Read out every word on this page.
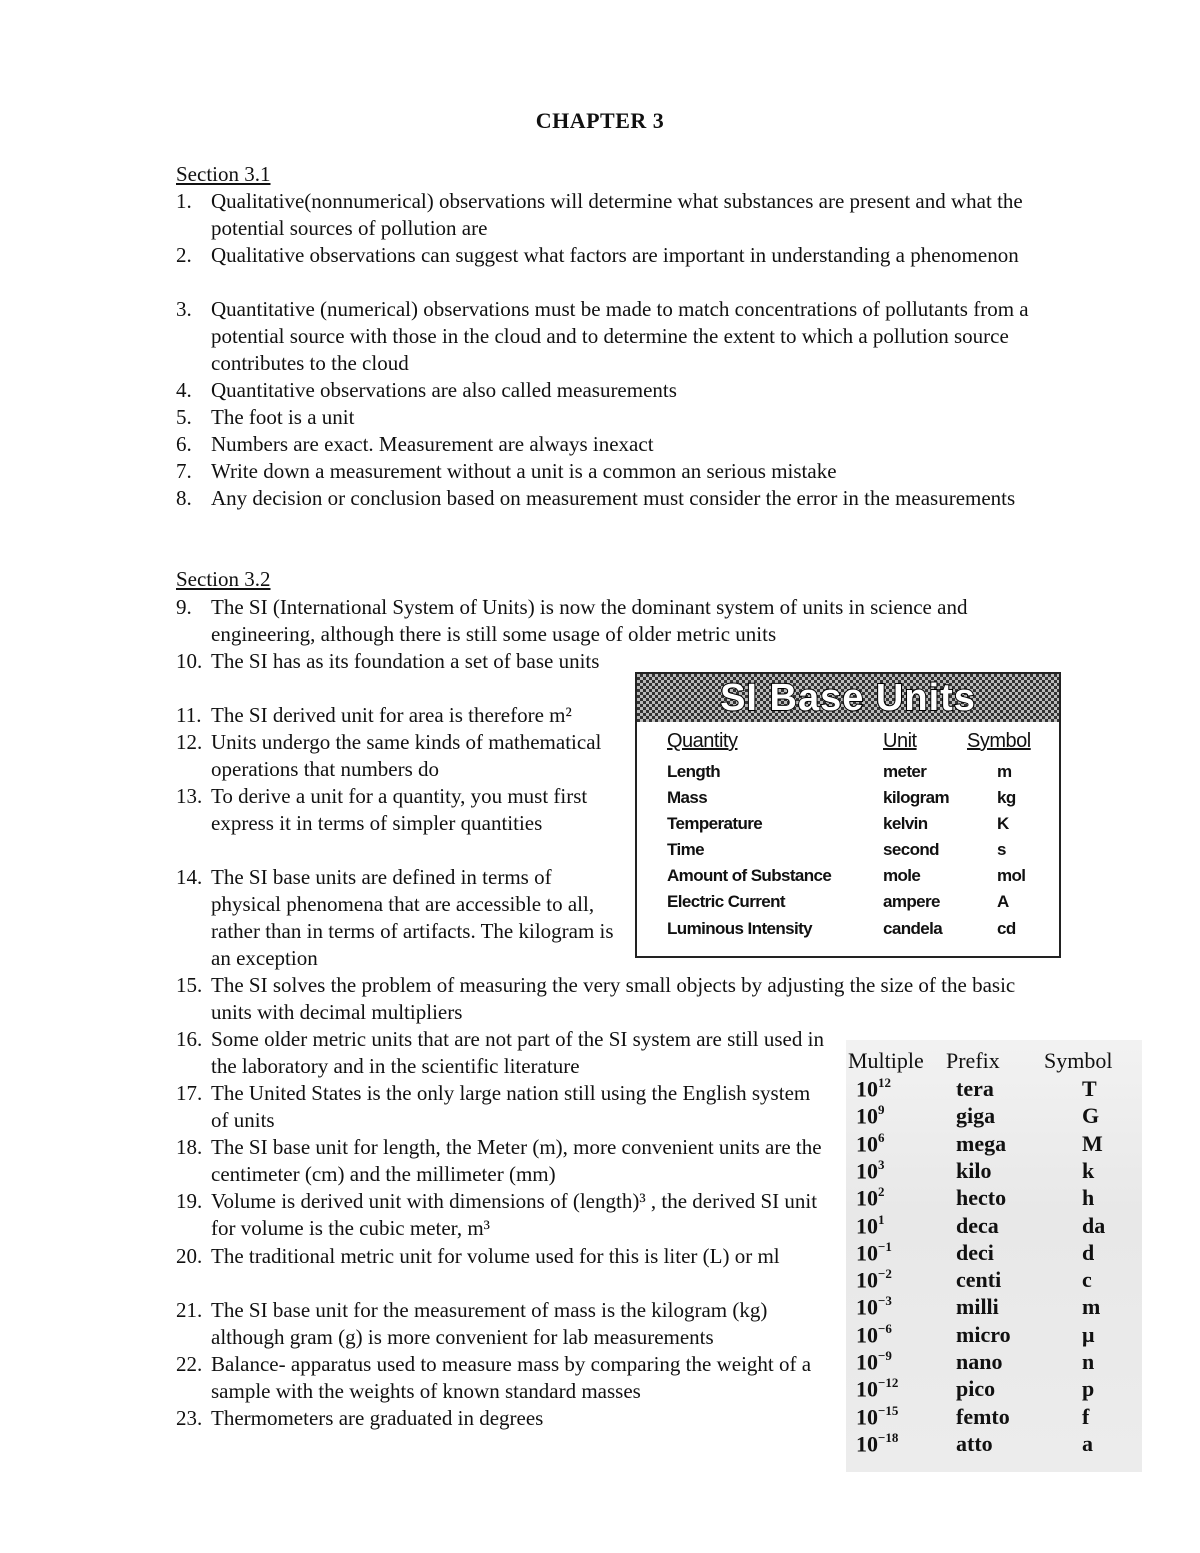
CHAPTER 3
Section 3.1
1. Qualitative(nonnumerical) observations will determine what substances are present and what the potential sources of pollution are
2. Qualitative observations can suggest what factors are important in understanding a phenomenon
3. Quantitative (numerical) observations must be made to match concentrations of pollutants from a potential source with those in the cloud and to determine the extent to which a pollution source contributes to the cloud
4. Quantitative observations are also called measurements
5. The foot is a unit
6. Numbers are exact. Measurement are always inexact
7. Write down a measurement without a unit is a common an serious mistake
8. Any decision or conclusion based on measurement must consider the error in the measurements
Section 3.2
9. The SI (International System of Units) is now the dominant system of units in science and engineering, although there is still some usage of older metric units
10. The SI has as its foundation a set of base units
11. The SI derived unit for area is therefore m²
12. Units undergo the same kinds of mathematical operations that numbers do
13. To derive a unit for a quantity, you must first express it in terms of simpler quantities
14. The SI base units are defined in terms of physical phenomena that are accessible to all, rather than in terms of artifacts. The kilogram is an exception
15. The SI solves the problem of measuring the very small objects by adjusting the size of the basic units with decimal multipliers
16. Some older metric units that are not part of the SI system are still used in the laboratory and in the scientific literature
17. The United States is the only large nation still using the English system of units
18. The SI base unit for length, the Meter (m), more convenient units are the centimeter (cm) and the millimeter (mm)
19. Volume is derived unit with dimensions of (length)³ , the derived SI unit for volume is the cubic meter, m³
20. The traditional metric unit for volume used for this is liter (L) or ml
21. The SI base unit for the measurement of mass is the kilogram (kg) although gram (g) is more convenient for lab measurements
22. Balance- apparatus used to measure mass by comparing the weight of a sample with the weights of known standard masses
23. Thermometers are graduated in degrees
SI Base Units
Quantity	Unit	Symbol
Length	meter	m
Mass	kilogram	kg
Temperature	kelvin	K
Time	second	s
Amount of Substance	mole	mol
Electric Current	ampere	A
Luminous Intensity	candela	cd
Multiple Prefix Symbol
$10^{12}$	tera	T
$10^9$	giga	G
$10^6$	mega	M
$10^3$	kilo	k
$10^2$	hecto	h
$10^1$	deca	da
$10^{-1}$	deci	d
$10^{-2}$	centi	c
$10^{-3}$	milli	m
$10^{-6}$	micro	μ
$10^{-9}$	nano	n
$10^{-12}$	pico	p
$10^{-15}$	femto	f
$10^{-18}$	atto	a
